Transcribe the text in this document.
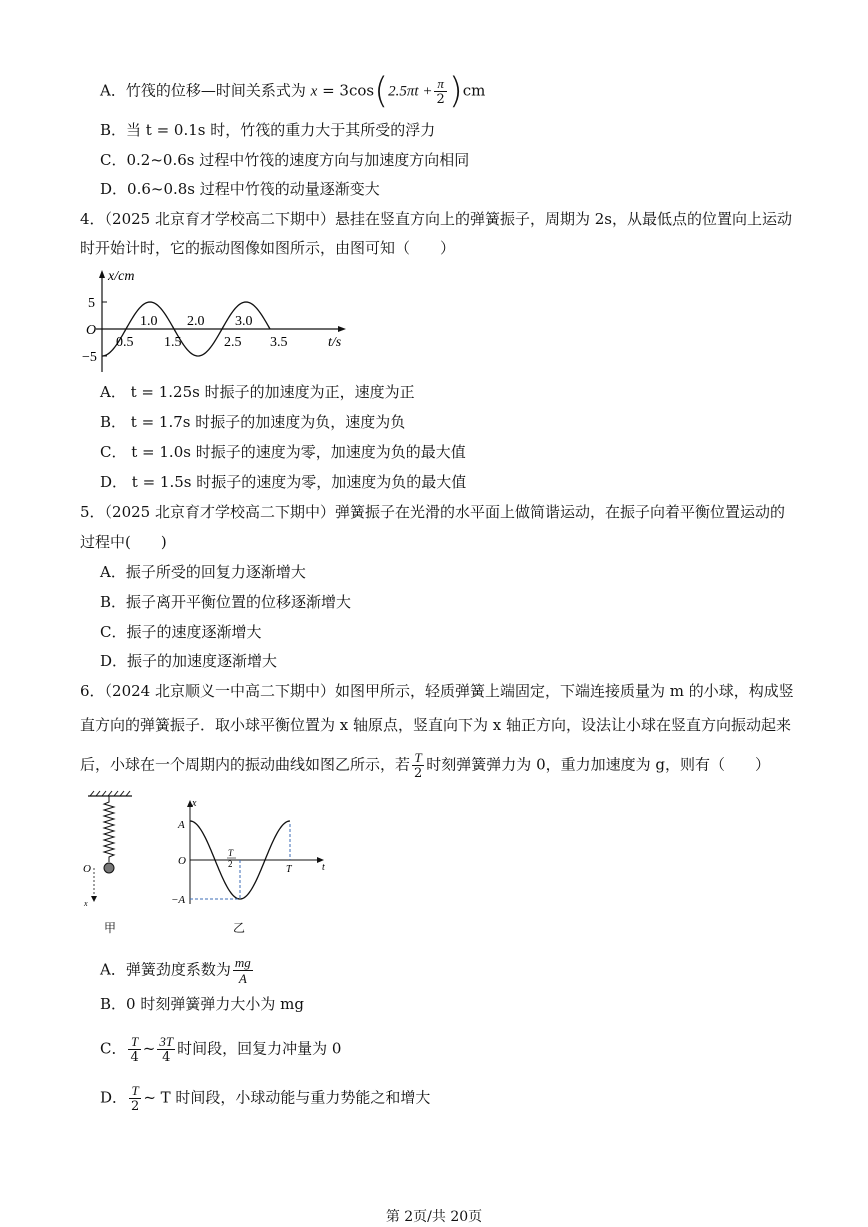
A．竹筏的位移—时间关系式为 $x = 3\cos(2.5\pi t + \frac{\pi}{2} )cm$
B．当 t = 0.1s 时，竹筏的重力大于其所受的浮力
C．0.2~0.6s 过程中竹筏的速度方向与加速度方向相同
D．0.6~0.8s 过程中竹筏的动量逐渐变大
4．（2025 北京育才学校高二下期中）悬挂在竖直方向上的弹簧振子，周期为 2s，从最低点的位置向上运动
时开始计时，它的振动图像如图所示，由图可知（　　）
x/cm
t/s
O
5
−5
1.0 2.0 3.0
0.5 1.5	2.5 3.5
A． t = 1.25s 时振子的加速度为正，速度为正
B． t = 1.7s 时振子的加速度为负，速度为负
C． t = 1.0s 时振子的速度为零，加速度为负的最大值
D． t = 1.5s 时振子的速度为零，加速度为负的最大值
5．（2025 北京育才学校高二下期中）弹簧振子在光滑的水平面上做简谐运动，在振子向着平衡位置运动的
过程中(　　)
A．振子所受的回复力逐渐增大
B．振子离开平衡位置的位移逐渐增大
C．振子的速度逐渐增大
D．振子的加速度逐渐增大
6．（2024 北京顺义一中高二下期中）如图甲所示，轻质弹簧上端固定，下端连接质量为 m 的小球，构成竖
直方向的弹簧振子．取小球平衡位置为 x 轴原点，竖直向下为 x 轴正方向，设法让小球在竖直方向振动起来
后，小球在一个周期内的振动曲线如图乙所示，若 $\frac{T}{2}$ 时刻弹簧弹力为 0，重力加速度为 g，则有（　　）
O
x
x
t
A
O
−A
T
2	T
甲	乙
A．弹簧劲度系数为 $\frac{mg}{A}$
B．0 时刻弹簧弹力大小为 mg
C． $\frac{T}{4}$ ~ $\frac{3T}{4}$ 时间段，回复力冲量为 0
D． $\frac{T}{2}$ ~ T 时间段，小球动能与重力势能之和增大
第 2页/共 20页
